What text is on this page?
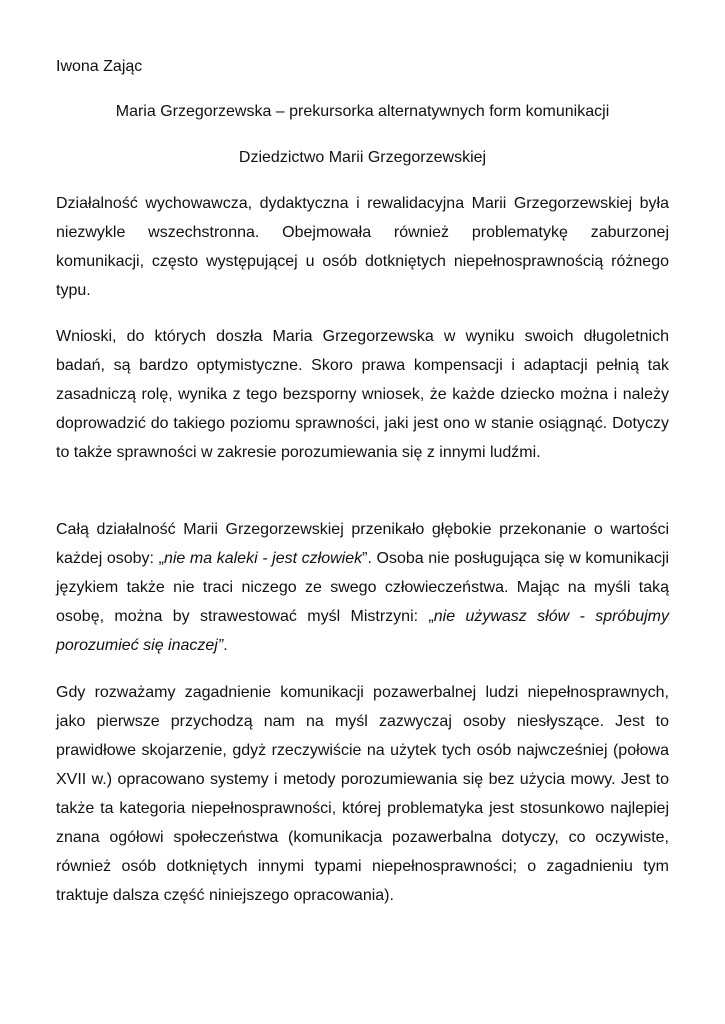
Iwona Zając

Maria Grzegorzewska – prekursorka alternatywnych form komunikacji
Dziedzictwo Marii Grzegorzewskiej

Działalność wychowawcza, dydaktyczna i rewalidacyjna Marii Grzegorzewskiej była niezwykle wszechstronna. Obejmowała również problematykę zaburzonej komunikacji, często występującej u osób dotkniętych niepełnosprawnością różnego typu.

Wnioski, do których doszła Maria Grzegorzewska w wyniku swoich długoletnich badań, są bardzo optymistyczne. Skoro prawa kompensacji i adaptacji pełnią tak zasadniczą rolę, wynika z tego bezsporny wniosek, że każde dziecko można i należy doprowadzić do takiego poziomu sprawności, jaki jest ono w stanie osiągnąć. Dotyczy to także sprawności w zakresie porozumiewania się z innymi ludźmi.

Całą działalność Marii Grzegorzewskiej przenikało głębokie przekonanie o wartości każdej osoby: „nie ma kaleki - jest człowiek”. Osoba nie posługująca się w komunikacji językiem także nie traci niczego ze swego człowieczeństwa. Mając na myśli taką osobę, można by strawestować myśl Mistrzyni: „nie używasz słów - spróbujmy porozumieć się inaczej”.

Gdy rozważamy zagadnienie komunikacji pozawerbalnej ludzi niepełnosprawnych, jako pierwsze przychodzą nam na myśl zazwyczaj osoby niesłyszące. Jest to prawidłowe skojarzenie, gdyż rzeczywiście na użytek tych osób najwcześniej (połowa XVII w.) opracowano systemy i metody porozumiewania się bez użycia mowy. Jest to także ta kategoria niepełnosprawności, której problematyka jest stosunkowo najlepiej znana ogółowi społeczeństwa (komunikacja pozawerbalna dotyczy, co oczywiste, również osób dotkniętych innymi typami niepełnosprawności; o zagadnieniu tym traktuje dalsza część niniejszego opracowania).
